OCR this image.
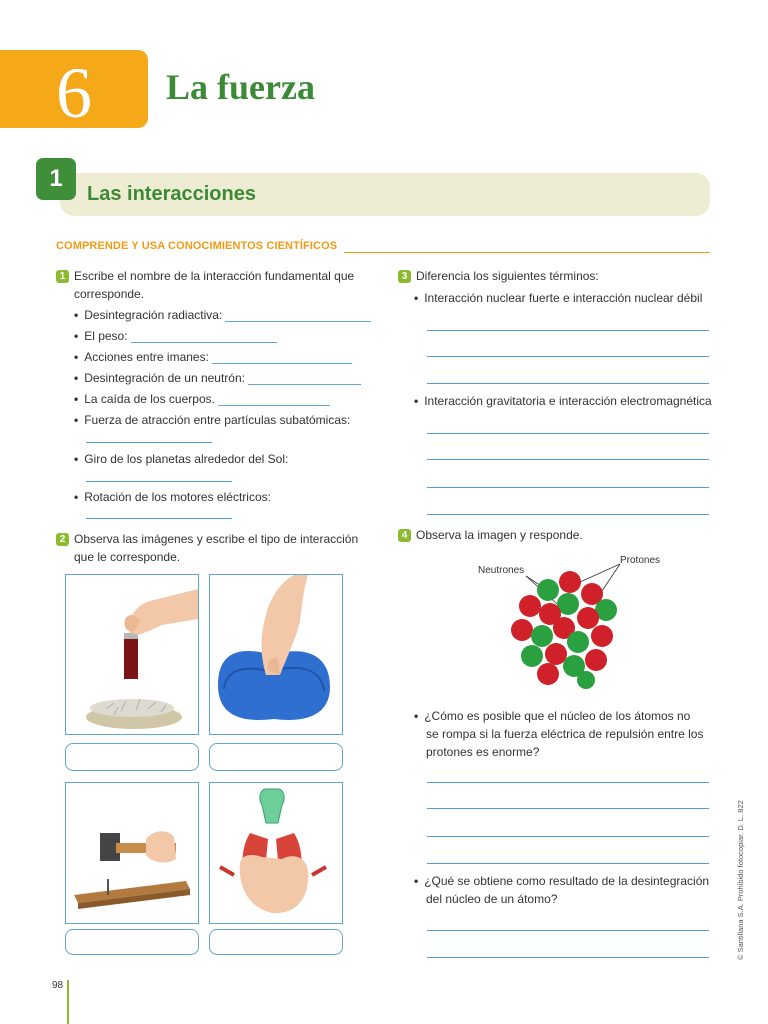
6	La fuerza
1
Las interacciones
COMPRENDE Y USA CONOCIMIENTOS CIENTÍFICOS
1 Escribe el nombre de la interacción fundamental que
corresponde.
• Desintegración radiactiva:
• El peso:
• Acciones entre imanes:
• Desintegración de un neutrón:
• La caída de los cuerpos.
• Fuerza de atracción entre partículas subatómicas:
• Giro de los planetas alrededor del Sol:
• Rotación de los motores eléctricos:
2 Observa las imágenes y escribe el tipo de interacción
que le corresponde.
3 Diferencia los siguientes términos:
• Interacción nuclear fuerte e interacción nuclear débil
• Interacción gravitatoria e interacción electromagnética
4 Observa la imagen y responde.
Neutrones
Protones
• ¿Cómo es posible que el núcleo de los átomos no
se rompa si la fuerza eléctrica de repulsión entre los
protones es enorme?
• ¿Qué se obtiene como resultado de la desintegración
del núcleo de un átomo?	© Santillana S.A. Prohibido fotocopiar. D. L. 822
98
